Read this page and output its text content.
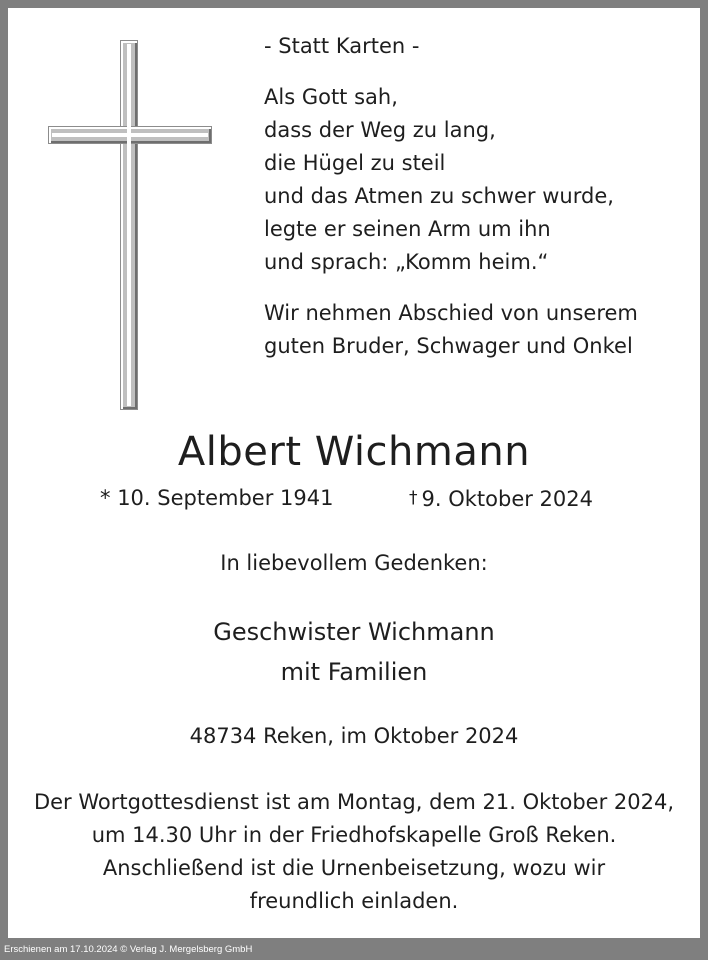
- Statt Karten -

Als Gott sah,

dass der Weg zu lang,

die Hügel zu steil

und das Atmen zu schwer wurde,

legte er seinen Arm um ihn

und sprach: „Komm heim.“

Wir nehmen Abschied von unserem

guten Bruder, Schwager und Onkel

Albert Wichmann
* 10. September 1941	† 9. Oktober 2024
In liebevollem Gedenken:
Geschwister Wichmann
mit Familien
48734 Reken, im Oktober 2024
Der Wortgottesdienst ist am Montag, dem 21. Oktober 2024,
um 14.30 Uhr in der Friedhofskapelle Groß Reken.
Anschließend ist die Urnenbeisetzung, wozu wir
freundlich einladen.
Erschienen am 17.10.2024 © Verlag J. Mergelsberg GmbH
